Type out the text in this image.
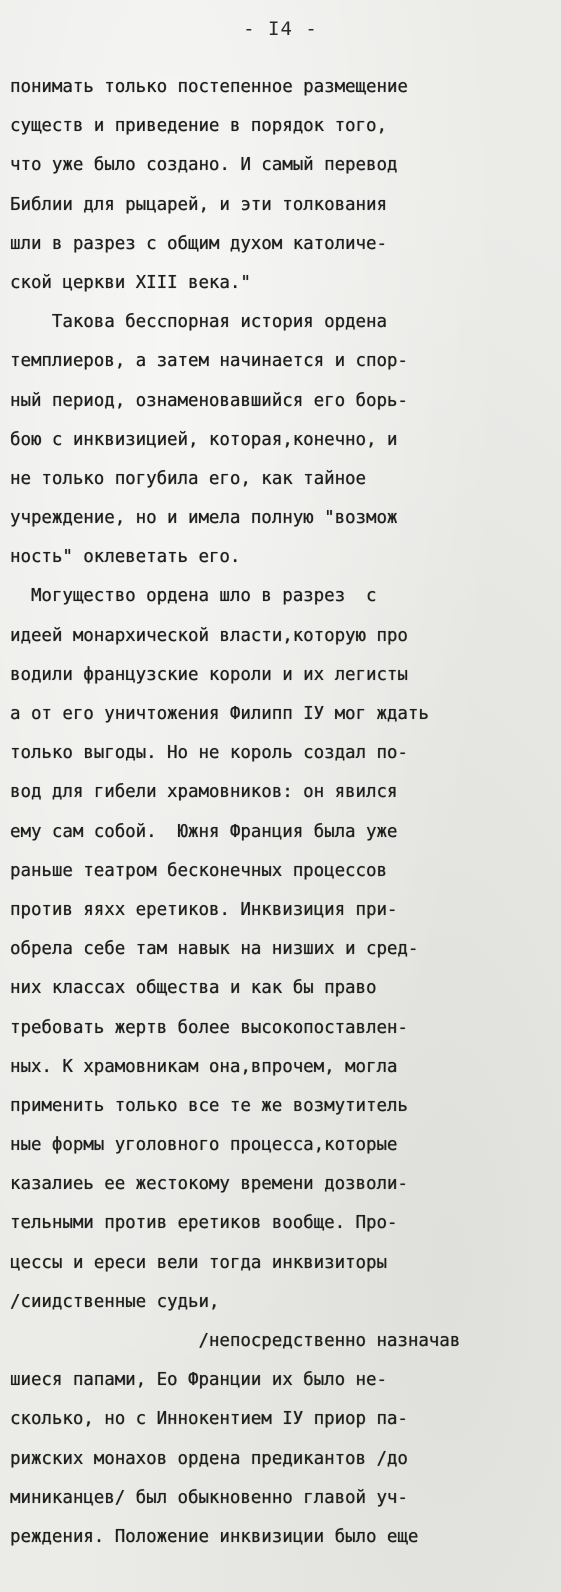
- I4 -
понимать только постепенное размещение
существ и приведение в порядок того,
что уже было создано. И самый перевод
Библии для рыцарей, и эти толкования
шли в разрез с общим духом католиче-
ской церкви XIII века."
Такова бесспорная история ордена
темплиеров, а затем начинается и спор-
ный период, ознаменовавшийся его борь-
бою с инквизицией, которая,конечно, и
не только погубила его, как тайное
учреждение, но и имела полную "возмож
ность" оклеветать его.
Могущество ордена шло в разрез  с
идеей монархической власти,которую про
водили французские короли и их легисты
а от его уничтожения Филипп IУ мог ждать
только выгоды. Но не король создал по-
вод для гибели храмовников: он явился
ему сам собой.  Южня Франция была уже
раньше театром бесконечных процессов
против яяхх еретиков. Инквизиция при-
обрела себе там навык на низших и сред-
них классах общества и как бы право
требовать жертв более высокопоставлен-
ных. К храмовникам она,впрочем, могла
применить только все те же возмутитель
ные формы уголовного процесса,которые
казалиеь ее жестокому времени дозволи-
тельными против еретиков вообще. Про-
цессы и ереси вели тогда инквизиторы
/сиидственные судьи,
/непосредственно назначав
шиеся папами, Ео Франции их было не-
сколько, но с Иннокентием IУ приор па-
рижских монахов ордена предикантов /до
миниканцев/ был обыкновенно главой уч-
реждения. Положение инквизиции было еще
